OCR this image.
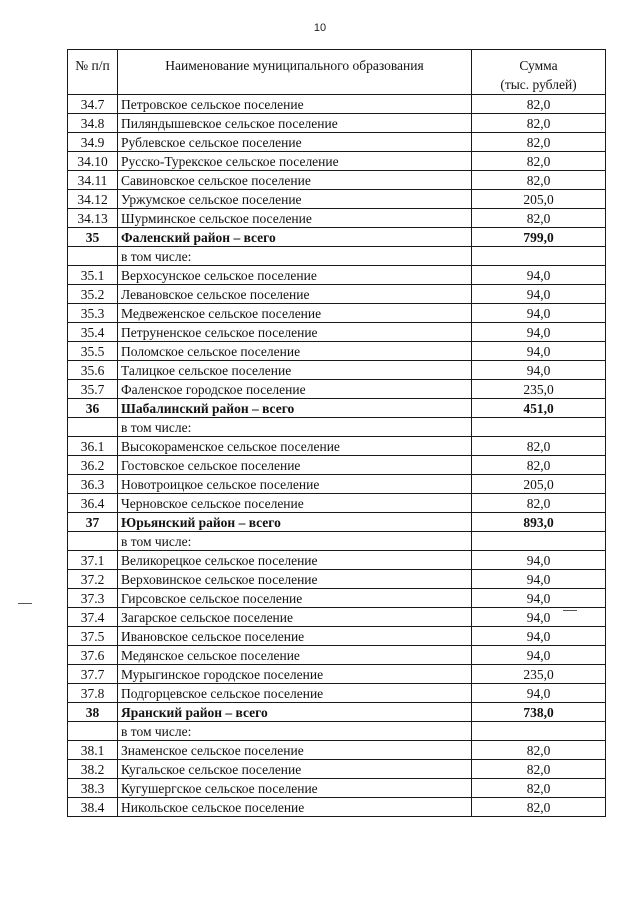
10
№ п/п	Наименование муниципального образования	Сумма
(тыс. рублей)
34.7	Петровское сельское поселение	82,0
34.8	Пиляндышевское сельское поселение	82,0
34.9	Рублевское сельское поселение	82,0
34.10	Русско-Турекское сельское поселение	82,0
34.11	Савиновское сельское поселение	82,0
34.12	Уржумское сельское поселение	205,0
34.13	Шурминское сельское поселение	82,0
35	Фаленский район – всего	799,0
	в том числе:	
35.1	Верхосунское сельское поселение	94,0
35.2	Левановское сельское поселение	94,0
35.3	Медвеженское сельское поселение	94,0
35.4	Петруненское сельское поселение	94,0
35.5	Поломское сельское поселение	94,0
35.6	Талицкое сельское поселение	94,0
35.7	Фаленское городское поселение	235,0
36	Шабалинский район – всего	451,0
	в том числе:	
36.1	Высокораменское сельское поселение	82,0
36.2	Гостовское сельское поселение	82,0
36.3	Новотроицкое сельское поселение	205,0
36.4	Черновское сельское поселение	82,0
37	Юрьянский район – всего	893,0
	в том числе:	
37.1	Великорецкое сельское поселение	94,0
37.2	Верховинское сельское поселение	94,0
37.3	Гирсовское сельское поселение	94,0
37.4	Загарское сельское поселение	94,0
37.5	Ивановское сельское поселение	94,0
37.6	Медянское сельское поселение	94,0
37.7	Мурыгинское городское поселение	235,0
37.8	Подгорцевское сельское поселение	94,0
38	Яранский район – всего	738,0
	в том числе:	
38.1	Знаменское сельское поселение	82,0
38.2	Кугальское сельское поселение	82,0
38.3	Кугушергское сельское поселение	82,0
38.4	Никольское сельское поселение	82,0
